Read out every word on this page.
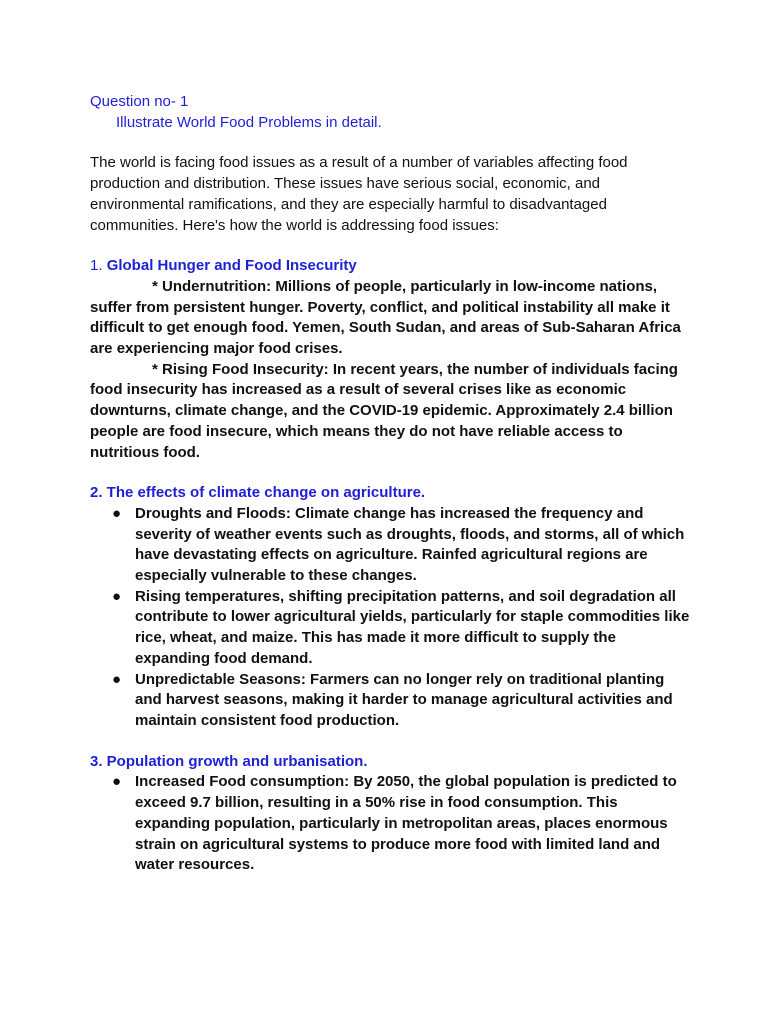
Question no- 1

Illustrate World Food Problems in detail.

The world is facing food issues as a result of a number of variables affecting food production and distribution. These issues have serious social, economic, and environmental ramifications, and they are especially harmful to disadvantaged communities. Here's how the world is addressing food issues:

1. Global Hunger and Food Insecurity

* Undernutrition: Millions of people, particularly in low-income nations, suffer from persistent hunger. Poverty, conflict, and political instability all make it difficult to get enough food. Yemen, South Sudan, and areas of Sub-Saharan Africa are experiencing major food crises.

* Rising Food Insecurity: In recent years, the number of individuals facing food insecurity has increased as a result of several crises like as economic downturns, climate change, and the COVID-19 epidemic. Approximately 2.4 billion people are food insecure, which means they do not have reliable access to nutritious food.

2. The effects of climate change on agriculture.

● Droughts and Floods: Climate change has increased the frequency and severity of weather events such as droughts, floods, and storms, all of which have devastating effects on agriculture. Rainfed agricultural regions are especially vulnerable to these changes.
● Rising temperatures, shifting precipitation patterns, and soil degradation all contribute to lower agricultural yields, particularly for staple commodities like rice, wheat, and maize. This has made it more difficult to supply the expanding food demand.
● Unpredictable Seasons: Farmers can no longer rely on traditional planting and harvest seasons, making it harder to manage agricultural activities and maintain consistent food production.

3. Population growth and urbanisation.

● Increased Food consumption: By 2050, the global population is predicted to exceed 9.7 billion, resulting in a 50% rise in food consumption. This expanding population, particularly in metropolitan areas, places enormous strain on agricultural systems to produce more food with limited land and water resources.
